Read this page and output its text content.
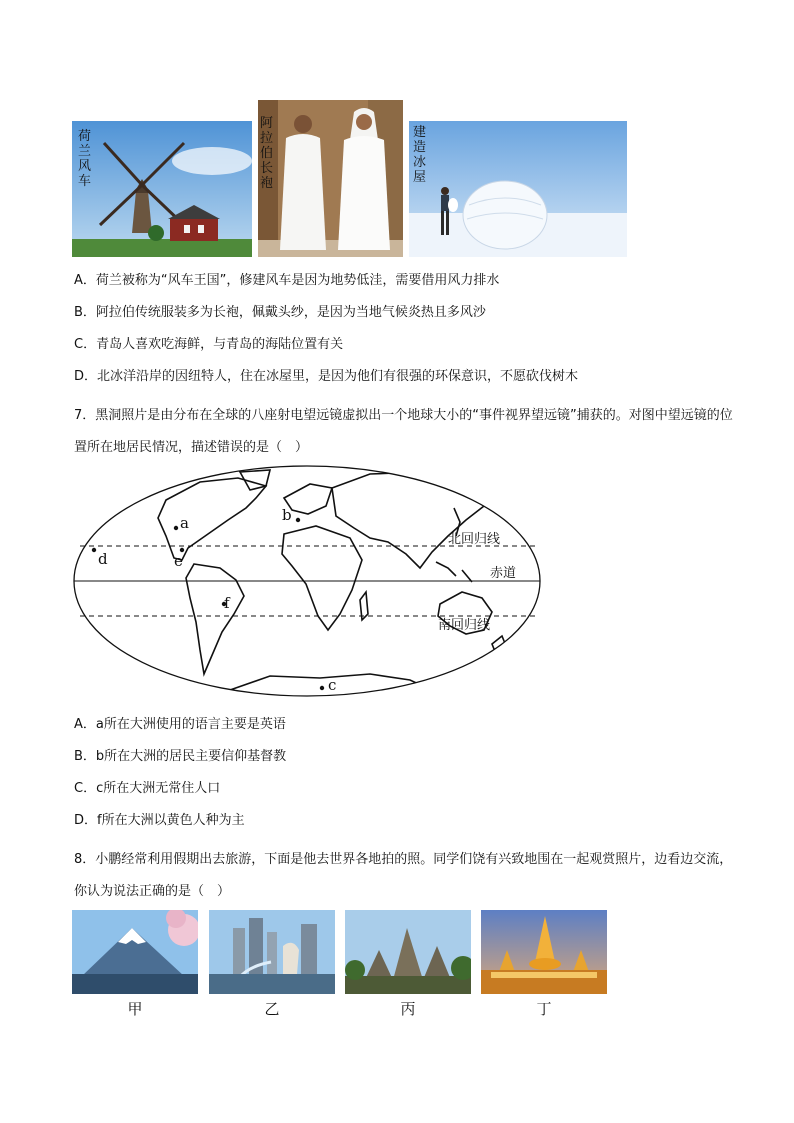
荷兰风车
阿拉伯长袍
建造冰屋
A．荷兰被称为“风车王国”，修建风车是因为地势低洼，需要借用风力排水
B．阿拉伯传统服装多为长袍，佩戴头纱，是因为当地气候炎热且多风沙
C．青岛人喜欢吃海鲜，与青岛的海陆位置有关
D．北冰洋沿岸的因纽特人，住在冰屋里，是因为他们有很强的环保意识，不愿砍伐树木
7．黑洞照片是由分布在全球的八座射电望远镜虚拟出一个地球大小的“事件视界望远镜”捕获的。对图中望远镜的位置所在地居民情况，描述错误的是（　）
北回归线
赤道
南回归线
a	b
c
d	e
f
A．a所在大洲使用的语言主要是英语
B．b所在大洲的居民主要信仰基督教
C．c所在大洲无常住人口
D．f所在大洲以黄色人种为主
8．小鹏经常利用假期出去旅游，下面是他去世界各地拍的照。同学们饶有兴致地围在一起观赏照片，边看边交流，你认为说法正确的是（　）
甲	乙	丙	丁
